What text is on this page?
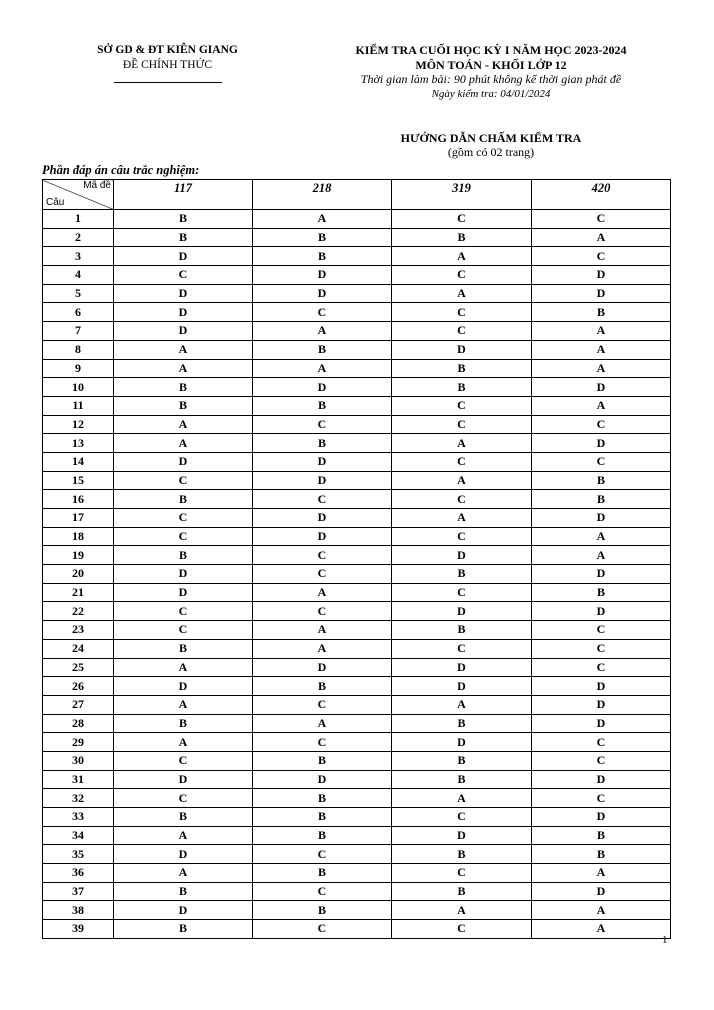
SỞ GD & ĐT KIÊN GIANG
ĐỀ CHÍNH THỨC
KIỂM TRA CUỐI HỌC KỲ I NĂM HỌC 2023-2024
MÔN TOÁN - KHỐI LỚP 12
Thời gian làm bài: 90 phút không kể thời gian phát đề
Ngày kiểm tra: 04/01/2024
HƯỚNG DẪN CHẤM KIỂM TRA
(gồm có 02 trang)
Phần đáp án câu trắc nghiệm:
Mã đề
Câu	117	218	319	420
1	B	A	C	C
2	B	B	B	A
3	D	B	A	C
4	C	D	C	D
5	D	D	A	D
6	D	C	C	B
7	D	A	C	A
8	A	B	D	A
9	A	A	B	A
10	B	D	B	D
11	B	B	C	A
12	A	C	C	C
13	A	B	A	D
14	D	D	C	C
15	C	D	A	B
16	B	C	C	B
17	C	D	A	D
18	C	D	C	A
19	B	C	D	A
20	D	C	B	D
21	D	A	C	B
22	C	C	D	D
23	C	A	B	C
24	B	A	C	C
25	A	D	D	C
26	D	B	D	D
27	A	C	A	D
28	B	A	B	D
29	A	C	D	C
30	C	B	B	C
31	D	D	B	D
32	C	B	A	C
33	B	B	C	D
34	A	B	D	B
35	D	C	B	B
36	A	B	C	A
37	B	C	B	D
38	D	B	A	A
39	B	C	C	A
1
